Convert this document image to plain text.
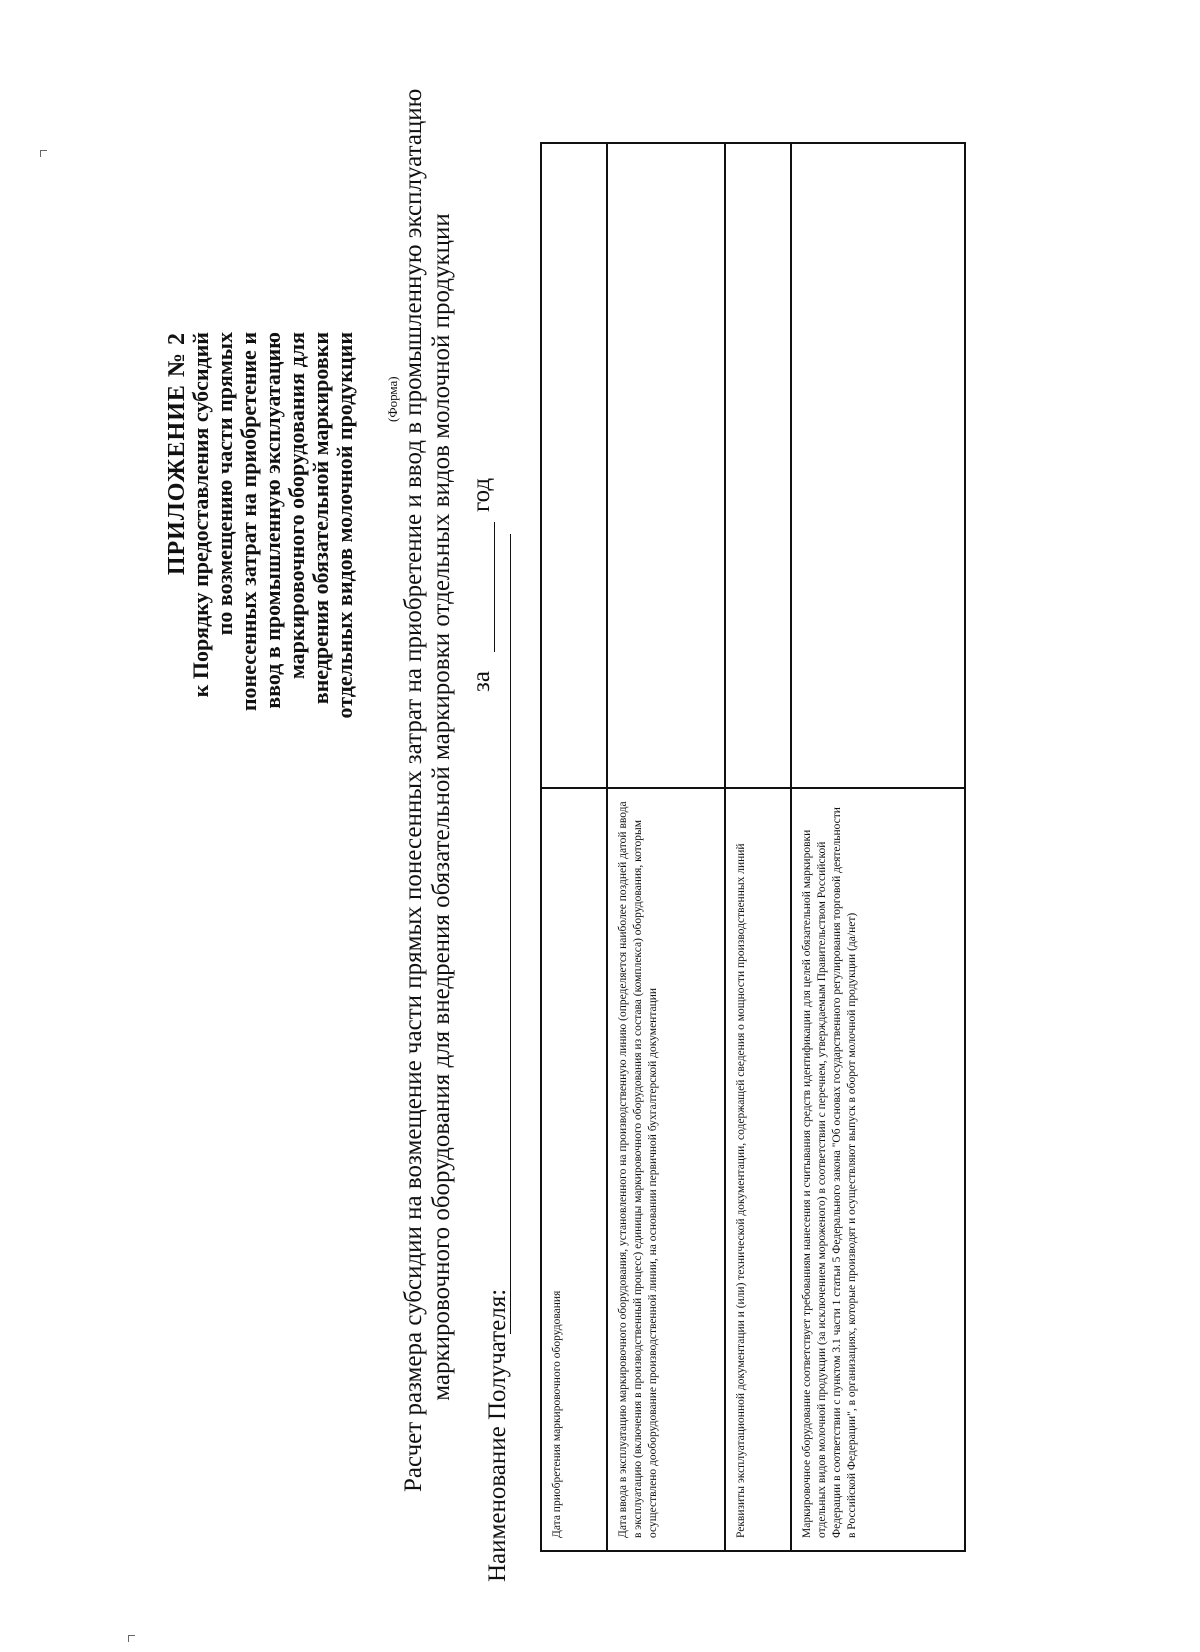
ПРИЛОЖЕНИЕ № 2
к Порядку предоставления субсидий по возмещению части прямых понесенных затрат на приобретение и ввод в промышленную эксплуатацию маркировочного оборудования для внедрения обязательной маркировки отдельных видов молочной продукции (Форма) Расчет размера субсидии на возмещение части прямых понесенных затрат на приобретение и ввод в промышленную эксплуатацию маркировочного оборудования для внедрения обязательной маркировки отдельных видов молочной продукции за
год
Наименование Получателя:	Дата приобретения маркировочного оборудования	
Дата ввода в эксплуатацию маркировочного оборудования, установленного на производственную линию (определяется наиболее поздней датой ввода в эксплуатацию (включения в производственный процесс) единицы маркировочного оборудования из состава (комплекса) оборудования, которым осуществлено дооборудование производственной линии, на основании первичной бухгалтерской документации	
Реквизиты эксплуатационной документации и (или) технической документации, содержащей сведения о мощности производственных линий	
Маркировочное оборудование соответствует требованиям нанесения и считывания средств идентификации для целей обязательной маркировки отдельных видов молочной продукции (за исключением мороженого) в соответствии с перечнем, утверждаемым Правительством Российской Федерации в соответствии с пунктом 3.1 части 1 статьи 5 Федерального закона "Об основах государственного регулирования торговой деятельности в Российской Федерации", в организациях, которые производят и осуществляют выпуск в оборот молочной продукции (да/нет)	
